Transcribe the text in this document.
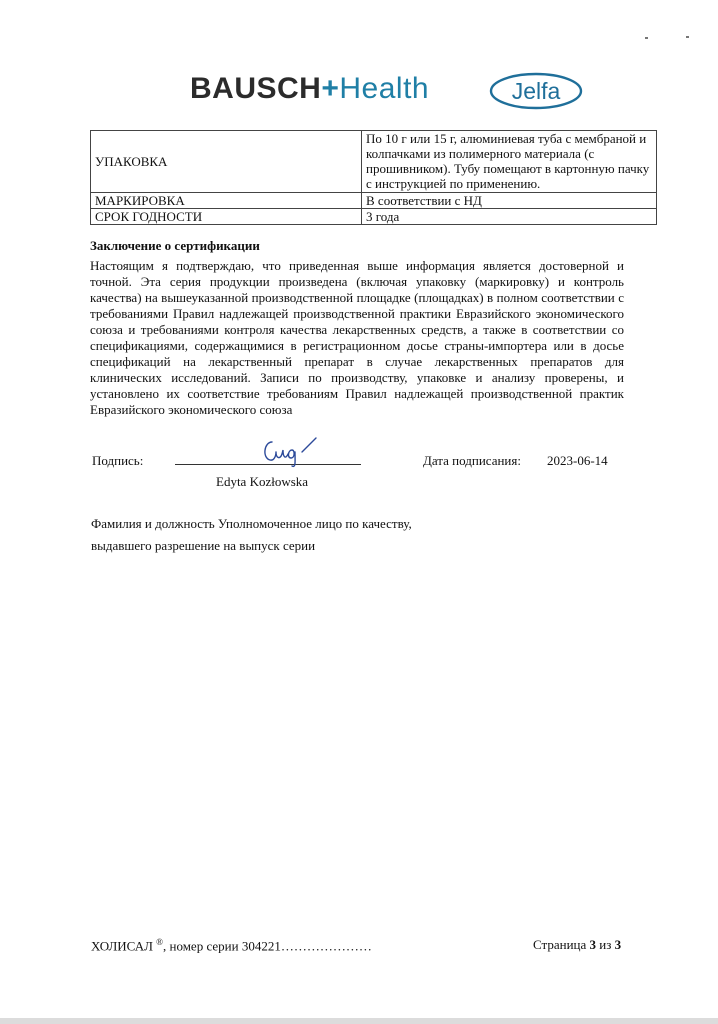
BAUSCH+Health	Jelfa
УПАКОВКА	По 10 г или 15 г, алюминиевая туба с мембраной и колпачками из полимерного материала (с прошивником). Тубу помещают в картонную пачку с инструкцией по применению.
МАРКИРОВКА	В соответствии с НД
СРОК ГОДНОСТИ	3 года
Заключение о сертификации
Настоящим я подтверждаю, что приведенная выше информация является достоверной и точной. Эта серия продукции произведена (включая упаковку (маркировку) и контроль качества) на вышеуказанной производственной площадке (площадках) в полном соответствии с требованиями Правил надлежащей производственной практики Евразийского экономического союза и требованиями контроля качества лекарственных средств, а также в соответствии со спецификациями, содержащимися в регистрационном досье страны-импортера или в досье спецификаций на лекарственный препарат в случае лекарственных препаратов для клинических исследований. Записи по производству, упаковке и анализу проверены, и установлено их соответствие требованиям Правил надлежащей производственной практик Евразийского экономического союза
Подпись:
Edyta Kozłowska
Дата подписания: 2023-06-14
Фамилия и должность Уполномоченное лицо по качеству,
выдавшего разрешение на выпуск серии
ХОЛИСАЛ ®, номер серии 304221…………………	Страница 3 из 3
